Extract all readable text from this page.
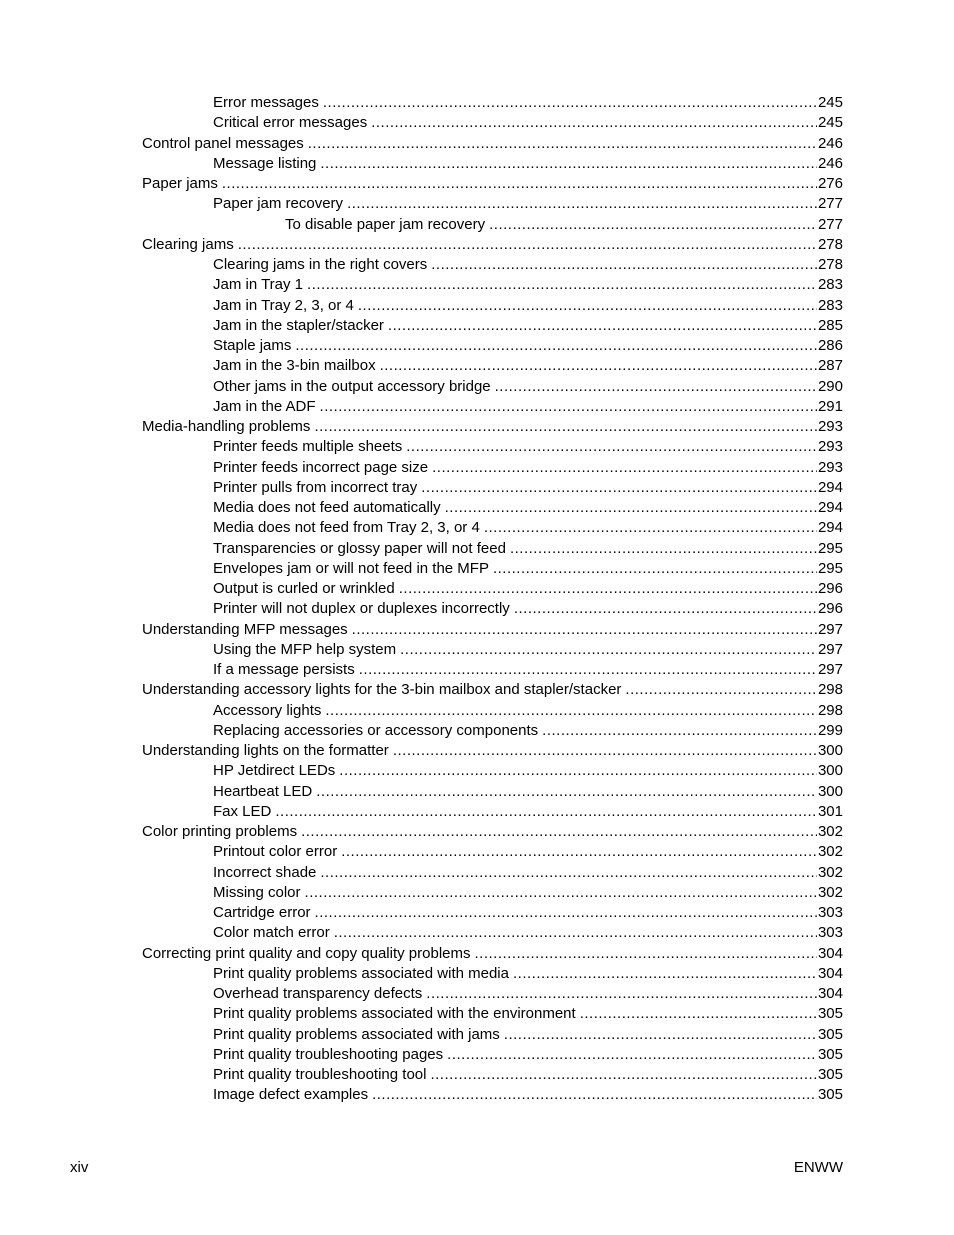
Error messages .....	245
Critical error messages .....	245
Control panel messages .....	246
Message listing .....	246
Paper jams .....	276
Paper jam recovery .....	277
To disable paper jam recovery .....	277
Clearing jams .....	278
Clearing jams in the right covers .....	278
Jam in Tray 1 .....	283
Jam in Tray 2, 3, or 4 .....	283
Jam in the stapler/stacker .....	285
Staple jams .....	286
Jam in the 3-bin mailbox .....	287
Other jams in the output accessory bridge .....	290
Jam in the ADF .....	291
Media-handling problems .....	293
Printer feeds multiple sheets .....	293
Printer feeds incorrect page size .....	293
Printer pulls from incorrect tray .....	294
Media does not feed automatically .....	294
Media does not feed from Tray 2, 3, or 4 .....	294
Transparencies or glossy paper will not feed .....	295
Envelopes jam or will not feed in the MFP .....	295
Output is curled or wrinkled .....	296
Printer will not duplex or duplexes incorrectly .....	296
Understanding MFP messages .....	297
Using the MFP help system .....	297
If a message persists .....	297
Understanding accessory lights for the 3-bin mailbox and stapler/stacker .....	298
Accessory lights .....	298
Replacing accessories or accessory components .....	299
Understanding lights on the formatter .....	300
HP Jetdirect LEDs .....	300
Heartbeat LED .....	300
Fax LED .....	301
Color printing problems .....	302
Printout color error .....	302
Incorrect shade .....	302
Missing color .....	302
Cartridge error .....	303
Color match error .....	303
Correcting print quality and copy quality problems .....	304
Print quality problems associated with media .....	304
Overhead transparency defects .....	304
Print quality problems associated with the environment .....	305
Print quality problems associated with jams .....	305
Print quality troubleshooting pages .....	305
Print quality troubleshooting tool .....	305
Image defect examples .....	305
xiv	ENWW
